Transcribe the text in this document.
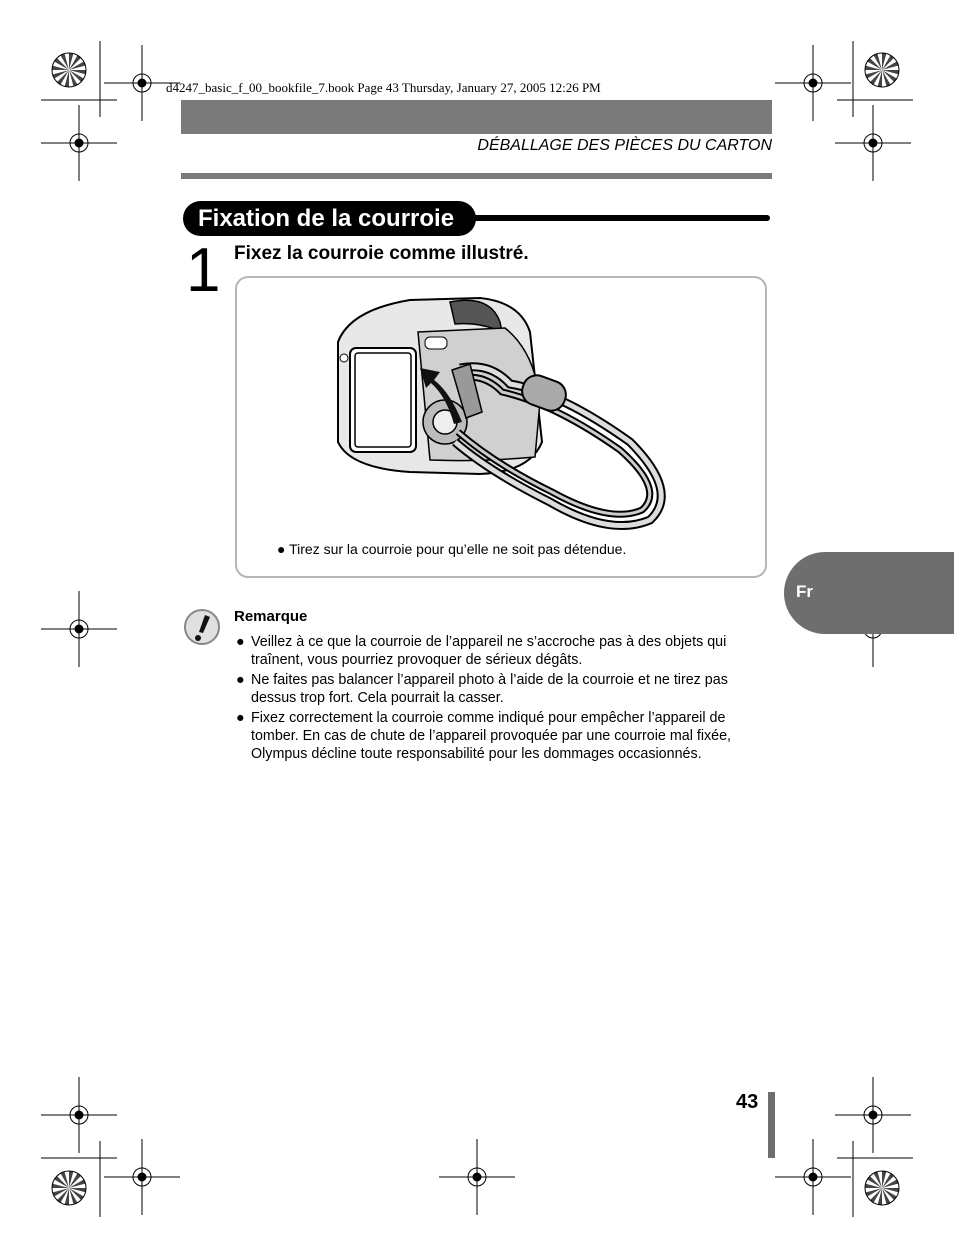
d4247_basic_f_00_bookfile_7.book Page 43 Thursday, January 27, 2005 12:26 PM
DÉBALLAGE DES PIÈCES DU CARTON
Fixation de la courroie
1 Fixez la courroie comme illustré.
● Tirez sur la courroie pour qu’elle ne soit pas détendue.
Fr
Remarque
● Veillez à ce que la courroie de l’appareil ne s’accroche pas à des objets qui traînent, vous pourriez provoquer de sérieux dégâts.
● Ne faites pas balancer l’appareil photo à l’aide de la courroie et ne tirez pas dessus trop fort. Cela pourrait la casser.
● Fixez correctement la courroie comme indiqué pour empêcher l’appareil de tomber. En cas de chute de l’appareil provoquée par une courroie mal fixée, Olympus décline toute responsabilité pour les dommages occasionnés.
43
